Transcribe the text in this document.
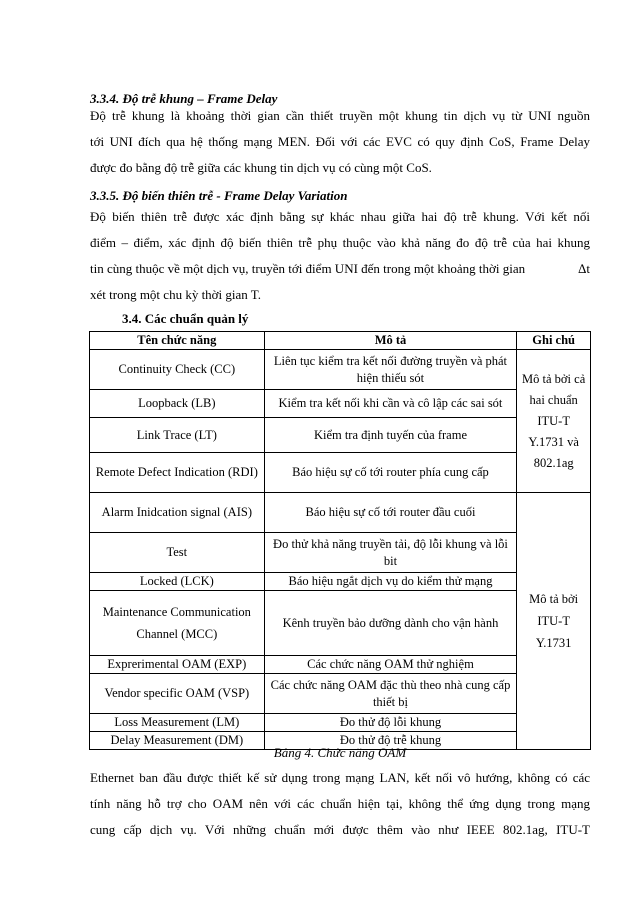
3.3.4. Độ trễ khung – Frame Delay
Độ trễ khung là khoảng thời gian cần thiết truyền một khung tin dịch vụ từ UNI nguồn
tới UNI đích qua hệ thống mạng MEN. Đối với các EVC có quy định CoS, Frame Delay
được đo bằng độ trễ giữa các khung tin dịch vụ có cùng một CoS.
3.3.5. Độ biến thiên trễ - Frame Delay Variation
Độ biến thiên trễ được xác định bằng sự khác nhau giữa hai độ trễ khung. Với kết nối
điểm – điểm, xác định độ biến thiên trễ phụ thuộc vào khả năng đo độ trễ của hai khung
tin cùng thuộc về một dịch vụ, truyền tới điểm UNI đến trong một khoảng thời gian	∆t
xét trong một chu kỳ thời gian T.
3.4. Các chuẩn quản lý
Tên chức năng	Mô tả	Ghi chú
Continuity Check (CC)	Liên tục kiểm tra kết nối đường truyền và phát hiện thiếu sót	Mô tả bởi cả hai chuẩn ITU-T Y.1731 và 802.1ag
Loopback (LB)	Kiểm tra kết nối khi cần và cô lập các sai sót	
Link Trace (LT)	Kiểm tra định tuyến của frame	
Remote Defect Indication (RDI)	Báo hiệu sự cố tới router phía cung cấp	
Alarm Inidcation signal (AIS)	Báo hiệu sự cố tới router đầu cuối	Mô tả bởi ITU-T Y.1731
Test	Đo thử khả năng truyền tải, độ lỗi khung và lỗi bit	
Locked (LCK)	Báo hiệu ngắt dịch vụ do kiểm thử mạng	
Maintenance Communication Channel (MCC)	Kênh truyền bảo dưỡng dành cho vận hành	
Exprerimental OAM (EXP)	Các chức năng OAM thử nghiệm	
Vendor specific OAM (VSP)	Các chức năng OAM đặc thù theo nhà cung cấp thiết bị	
Loss Measurement (LM)	Đo thử độ lỗi khung	
Delay Measurement (DM)	Đo thử độ trễ khung	
Bảng 4. Chức năng OAM
Ethernet ban đầu được thiết kế sử dụng trong mạng LAN, kết nối vô hướng, không có các
tính năng hỗ trợ cho OAM nên với các chuẩn hiện tại, không thể ứng dụng trong mạng
cung cấp dịch vụ. Với những chuẩn mới được thêm vào như IEEE 802.1ag, ITU-T
